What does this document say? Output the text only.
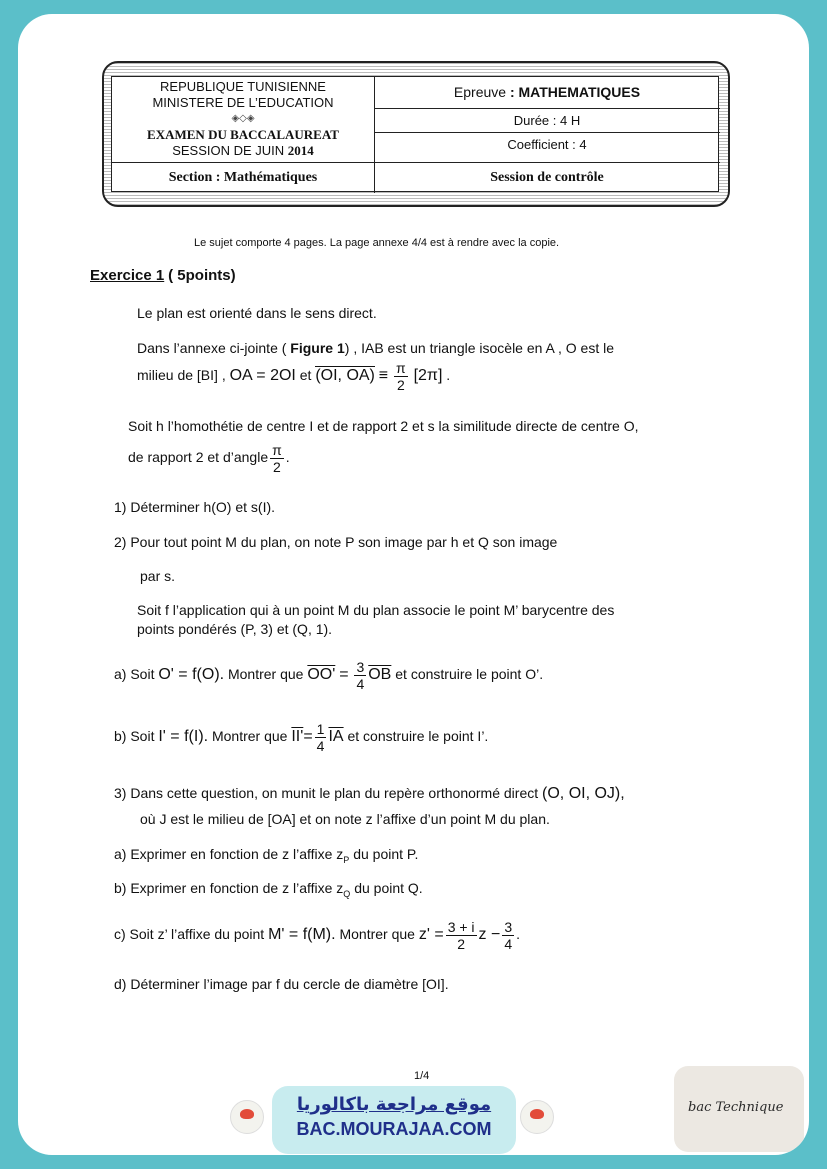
REPUBLIQUE TUNISIENNE
MINISTERE DE L’EDUCATION
◈◇◈
EXAMEN DU BACCALAUREAT
SESSION DE JUIN 2014
Epreuve : MATHEMATIQUES
Durée : 4 H
Coefficient : 4
Section : Mathématiques	Session de contrôle
Le sujet comporte 4 pages. La page annexe 4/4 est à rendre avec la copie.
Exercice 1 ( 5points)
Le plan est orienté dans le sens direct.
Dans l’annexe ci-jointe ( Figure 1) , IAB est un triangle isocèle en A , O est le
milieu de [BI] , OA = 2OI et (OI, $OA) \equiv \frac{\pi}{2} [2\pi]$ .
Soit h l’homothétie de centre I et de rapport 2 et s la similitude directe de centre O,
de rapport 2 et d’angle $\frac{\pi}{2}$ .
1) Déterminer h(O) et s(I).
2) Pour tout point M du plan, on note P son image par h et Q son image
par s.
Soit f l’application qui à un point M du plan associe le point M’ barycentre des
points pondérés (P, 3) et (Q, 1).
a) Soit O' = f(O). Montrer que $OO' = \frac{3}{4} \overline{OB}$ et construire le point O’.
b) Soit I' = f(I). Montrer que $II'= \frac{1}{4} \overline{IA}$ et construire le point I’.
3) Dans cette question, on munit le plan du repère orthonormé direct (O, OI, OJ),
où J est le milieu de [OA] et on note z l’affixe d’un point M du plan.
a) Exprimer en fonction de z l’affixe $z_P$ du point P.
b) Exprimer en fonction de z l’affixe $z_Q$ du point Q.
c) Soit z’ l’affixe du point M' = f(M). Montrer que $z' = \frac{3 + i}{2}$ $z - \frac{3}{4}$ .
d) Déterminer l’image par f du cercle de diamètre [OI].
1/4
موقع مراجعة باكالوريا
BAC.MOURAJAA.COM
bac Technique
